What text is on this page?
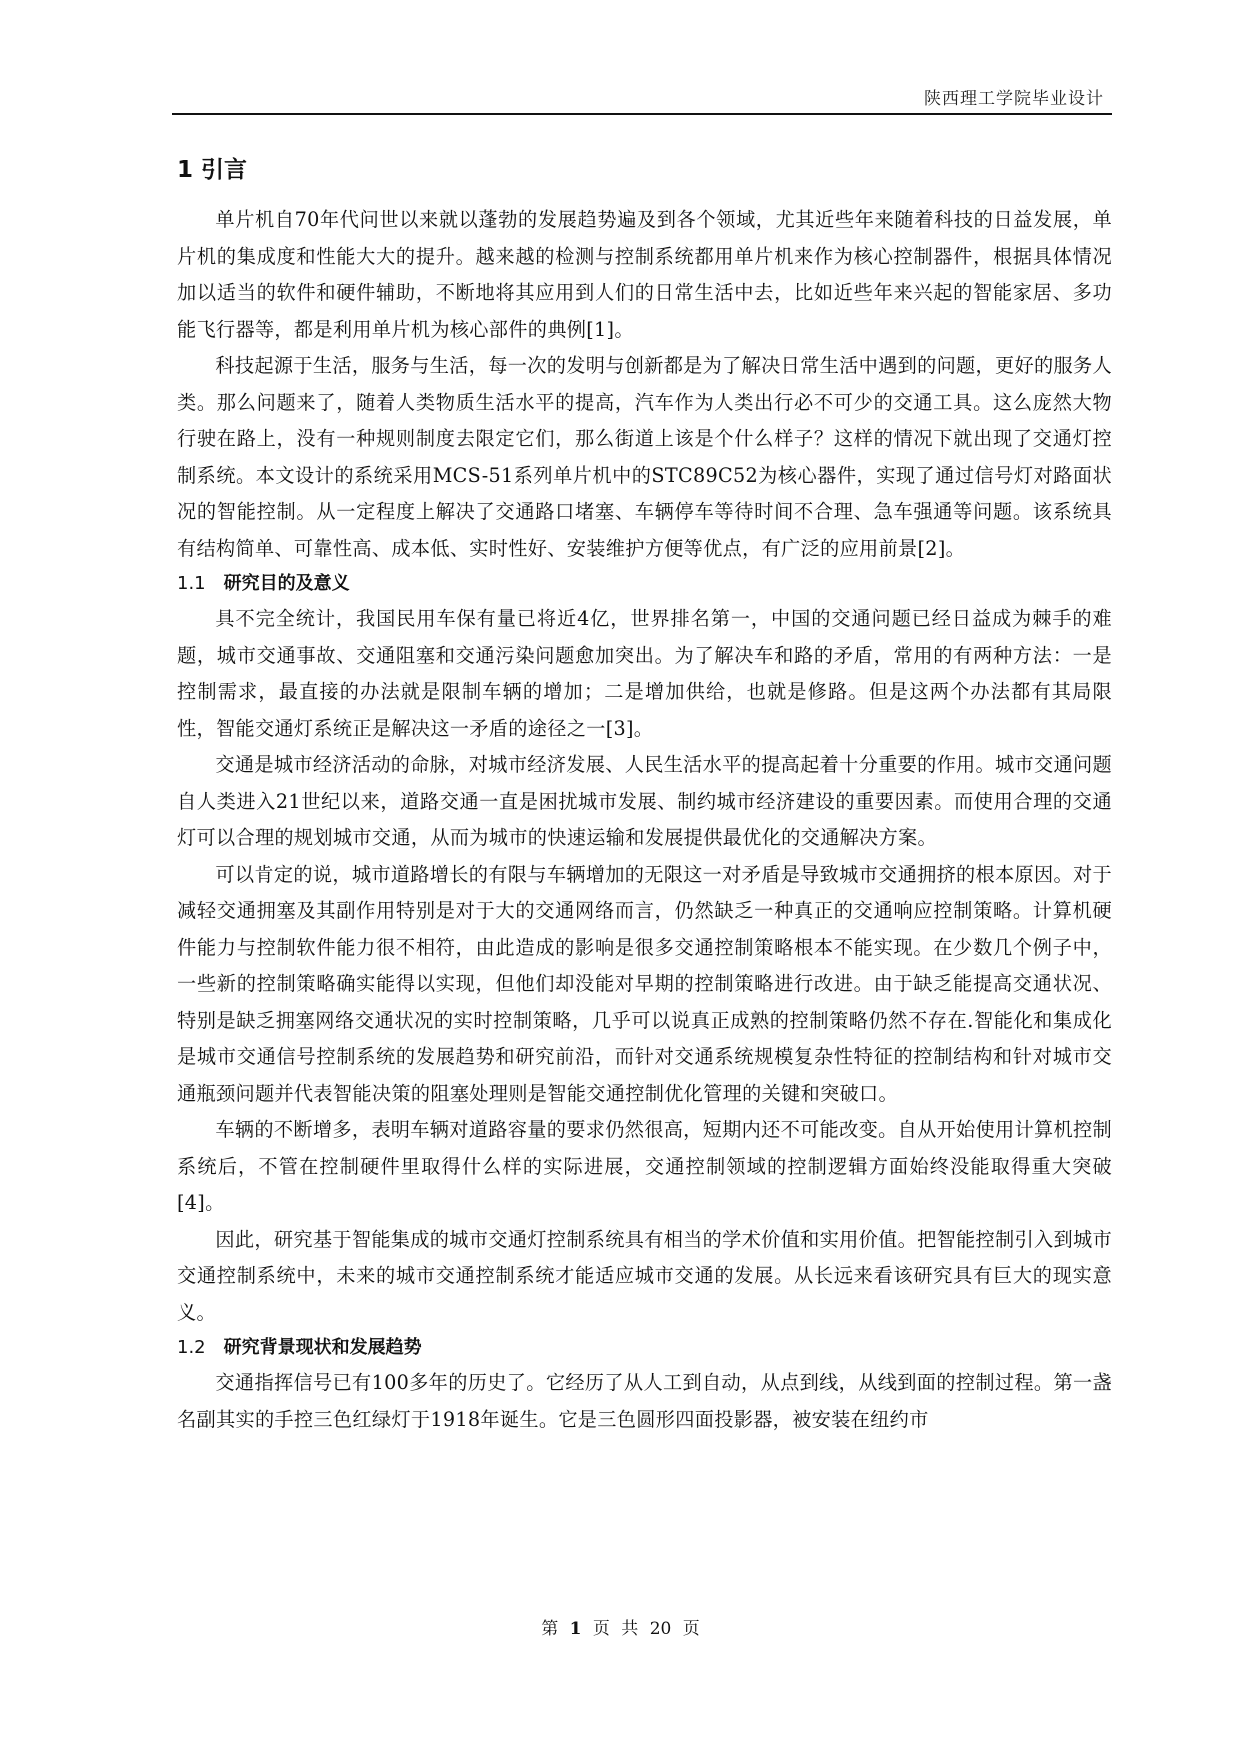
陕西理工学院毕业设计
1 引言

单片机自70年代问世以来就以蓬勃的发展趋势遍及到各个领域，尤其近些年来随着科技的日益发展，单片机的集成度和性能大大的提升。越来越的检测与控制系统都用单片机来作为核心控制器件，根据具体情况加以适当的软件和硬件辅助，不断地将其应用到人们的日常生活中去，比如近些年来兴起的智能家居、多功能飞行器等，都是利用单片机为核心部件的典例[1]。

科技起源于生活，服务与生活，每一次的发明与创新都是为了解决日常生活中遇到的问题，更好的服务人类。那么问题来了，随着人类物质生活水平的提高，汽车作为人类出行必不可少的交通工具。这么庞然大物行驶在路上，没有一种规则制度去限定它们，那么街道上该是个什么样子？这样的情况下就出现了交通灯控制系统。本文设计的系统采用MCS-51系列单片机中的STC89C52为核心器件，实现了通过信号灯对路面状况的智能控制。从一定程度上解决了交通路口堵塞、车辆停车等待时间不合理、急车强通等问题。该系统具有结构简单、可靠性高、成本低、实时性好、安装维护方便等优点，有广泛的应用前景[2]。

1.1 研究目的及意义

具不完全统计，我国民用车保有量已将近4亿，世界排名第一，中国的交通问题已经日益成为棘手的难题，城市交通事故、交通阻塞和交通污染问题愈加突出。为了解决车和路的矛盾，常用的有两种方法：一是控制需求，最直接的办法就是限制车辆的增加；二是增加供给，也就是修路。但是这两个办法都有其局限性，智能交通灯系统正是解决这一矛盾的途径之一[3]。

交通是城市经济活动的命脉，对城市经济发展、人民生活水平的提高起着十分重要的作用。城市交通问题自人类进入21世纪以来，道路交通一直是困扰城市发展、制约城市经济建设的重要因素。而使用合理的交通灯可以合理的规划城市交通，从而为城市的快速运输和发展提供最优化的交通解决方案。

可以肯定的说，城市道路增长的有限与车辆增加的无限这一对矛盾是导致城市交通拥挤的根本原因。对于减轻交通拥塞及其副作用特别是对于大的交通网络而言，仍然缺乏一种真正的交通响应控制策略。计算机硬件能力与控制软件能力很不相符，由此造成的影响是很多交通控制策略根本不能实现。在少数几个例子中，一些新的控制策略确实能得以实现，但他们却没能对早期的控制策略进行改进。由于缺乏能提高交通状况、特别是缺乏拥塞网络交通状况的实时控制策略，几乎可以说真正成熟的控制策略仍然不存在.智能化和集成化是城市交通信号控制系统的发展趋势和研究前沿，而针对交通系统规模复杂性特征的控制结构和针对城市交通瓶颈问题并代表智能决策的阻塞处理则是智能交通控制优化管理的关键和突破口。

车辆的不断增多，表明车辆对道路容量的要求仍然很高，短期内还不可能改变。自从开始使用计算机控制系统后，不管在控制硬件里取得什么样的实际进展，交通控制领域的控制逻辑方面始终没能取得重大突破[4]。

因此，研究基于智能集成的城市交通灯控制系统具有相当的学术价值和实用价值。把智能控制引入到城市交通控制系统中，未来的城市交通控制系统才能适应城市交通的发展。从长远来看该研究具有巨大的现实意义。

1.2 研究背景现状和发展趋势

交通指挥信号已有100多年的历史了。它经历了从人工到自动，从点到线，从线到面的控制过程。第一盏名副其实的手控三色红绿灯于1918年诞生。它是三色圆形四面投影器，被安装在纽约市

第 1 页 共 20 页
